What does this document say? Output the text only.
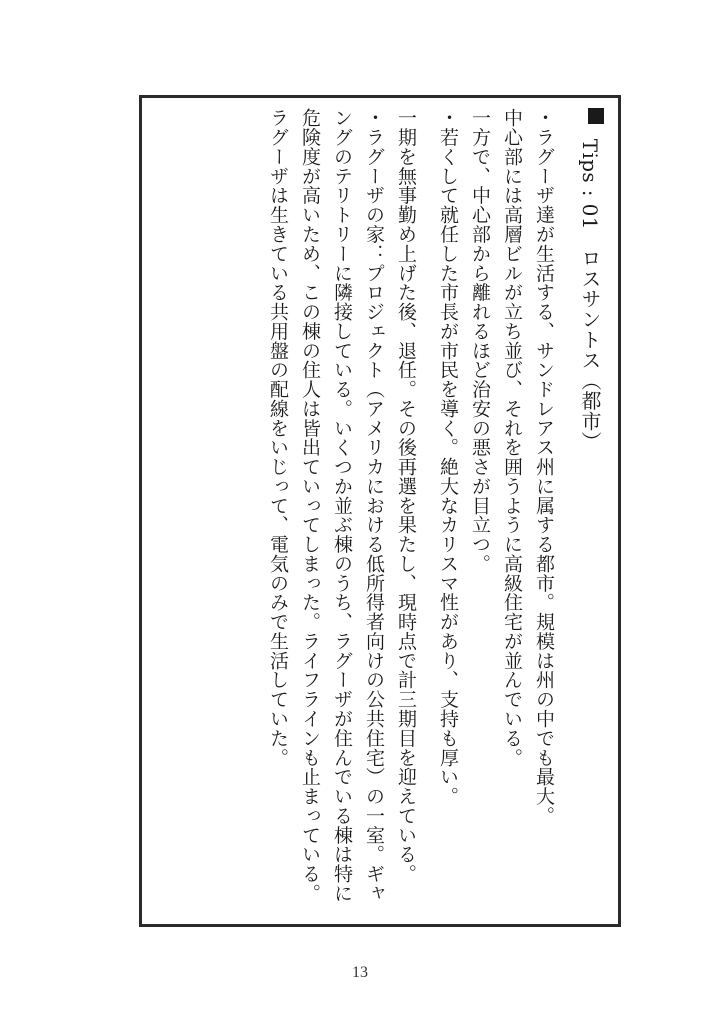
Tips : 01ロスサントス（都市）

・ラグーザ達が生活する、サンドレアス州に属する都市。規模は州の中でも最大。

中心部には高層ビルが立ち並び、それを囲うように高級住宅が並んでいる。

一方で、中心部から離れるほど治安の悪さが目立つ。

・若くして就任した市長が市民を導く。絶大なカリスマ性があり、支持も厚い。

一期を無事勤め上げた後、退任。その後再選を果たし、現時点で計三期目を迎えている。

・ラグーザの家：プロジェクト（アメリカにおける低所得者向けの公共住宅）の一室。ギャングのテリトリーに隣接している。いくつか並ぶ棟のうち、ラグーザが住んでいる棟は特に危険度が高いため、この棟の住人は皆出ていってしまった。ライフラインも止まっている。ラグーザは生きている共用盤の配線をいじって、電気のみで生活していた。

13
